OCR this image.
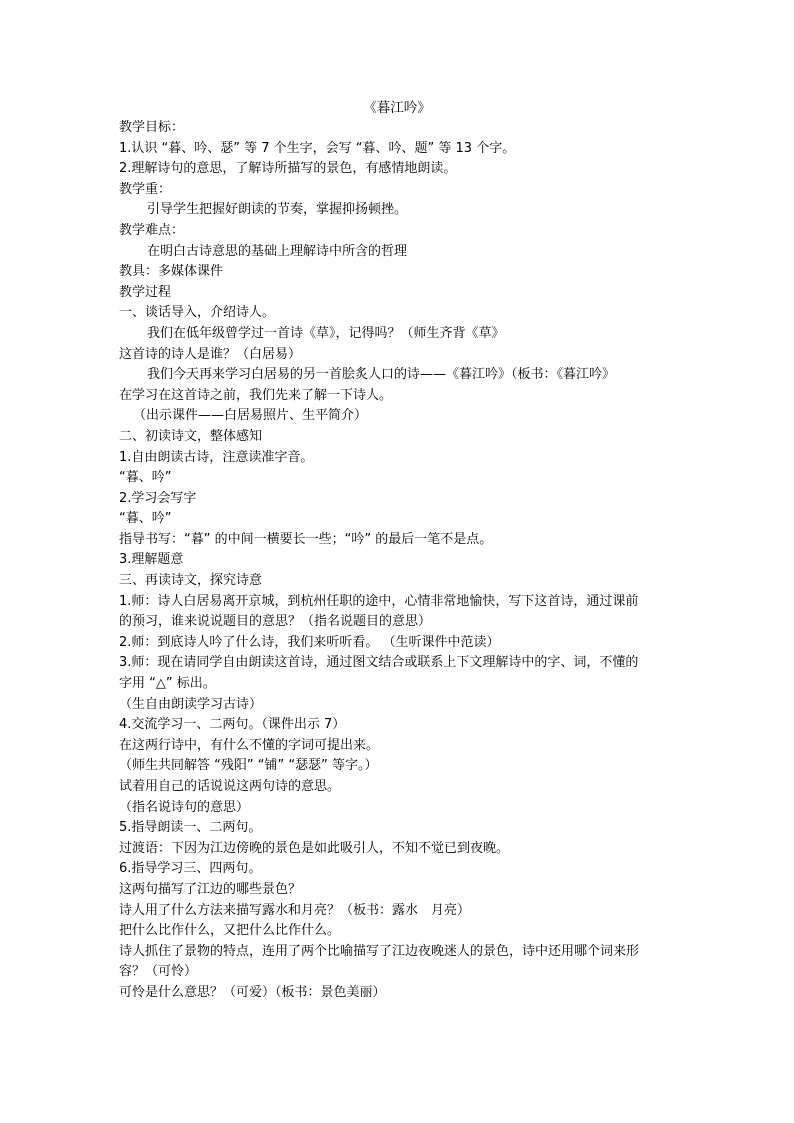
《暮江吟》
教学目标：
1.认识 “暮、吟、瑟” 等 7 个生字，会写 “暮、吟、题” 等 13 个字。
2.理解诗句的意思，了解诗所描写的景色，有感情地朗读。
教学重：
引导学生把握好朗读的节奏，掌握抑扬顿挫。
教学难点：
在明白古诗意思的基础上理解诗中所含的哲理
教具：多媒体课件
教学过程
一、谈话导入，介绍诗人。
我们在低年级曾学过一首诗《草》，记得吗？（师生齐背《草》
这首诗的诗人是谁？（白居易）
我们今天再来学习白居易的另一首脍炙人口的诗——《暮江吟》（板书：《暮江吟》
在学习在这首诗之前，我们先来了解一下诗人。
（出示课件——白居易照片、生平简介）
二、初读诗文，整体感知
1.自由朗读古诗，注意读准字音。
“暮、吟”
2.学习会写字
“暮、吟”
指导书写：“暮” 的中间一横要长一些；“吟” 的最后一笔不是点。
3.理解题意
三、再读诗文，探究诗意
1.师：诗人白居易离开京城，到杭州任职的途中，心情非常地愉快，写下这首诗，通过课前
的预习，谁来说说题目的意思？（指名说题目的意思）
2.师：到底诗人吟了什么诗，我们来听听看。 （生听课件中范读）
3.师：现在请同学自由朗读这首诗，通过图文结合或联系上下文理解诗中的字、词，不懂的
字用 “△” 标出。
（生自由朗读学习古诗）
4.交流学习一、二两句。（课件出示 7）
在这两行诗中，有什么不懂的字词可提出来。
（师生共同解答 “残阳” “铺” “瑟瑟” 等字。）
试着用自己的话说说这两句诗的意思。
（指名说诗句的意思）
5.指导朗读一、二两句。
过渡语：下因为江边傍晚的景色是如此吸引人，不知不觉已到夜晚。
6.指导学习三、四两句。
这两句描写了江边的哪些景色？
诗人用了什么方法来描写露水和月亮？（板书：露水　月亮）
把什么比作什么，又把什么比作什么。
诗人抓住了景物的特点，连用了两个比喻描写了江边夜晚迷人的景色，诗中还用哪个词来形
容？（可怜）
可怜是什么意思？（可爱）（板书：景色美丽）
